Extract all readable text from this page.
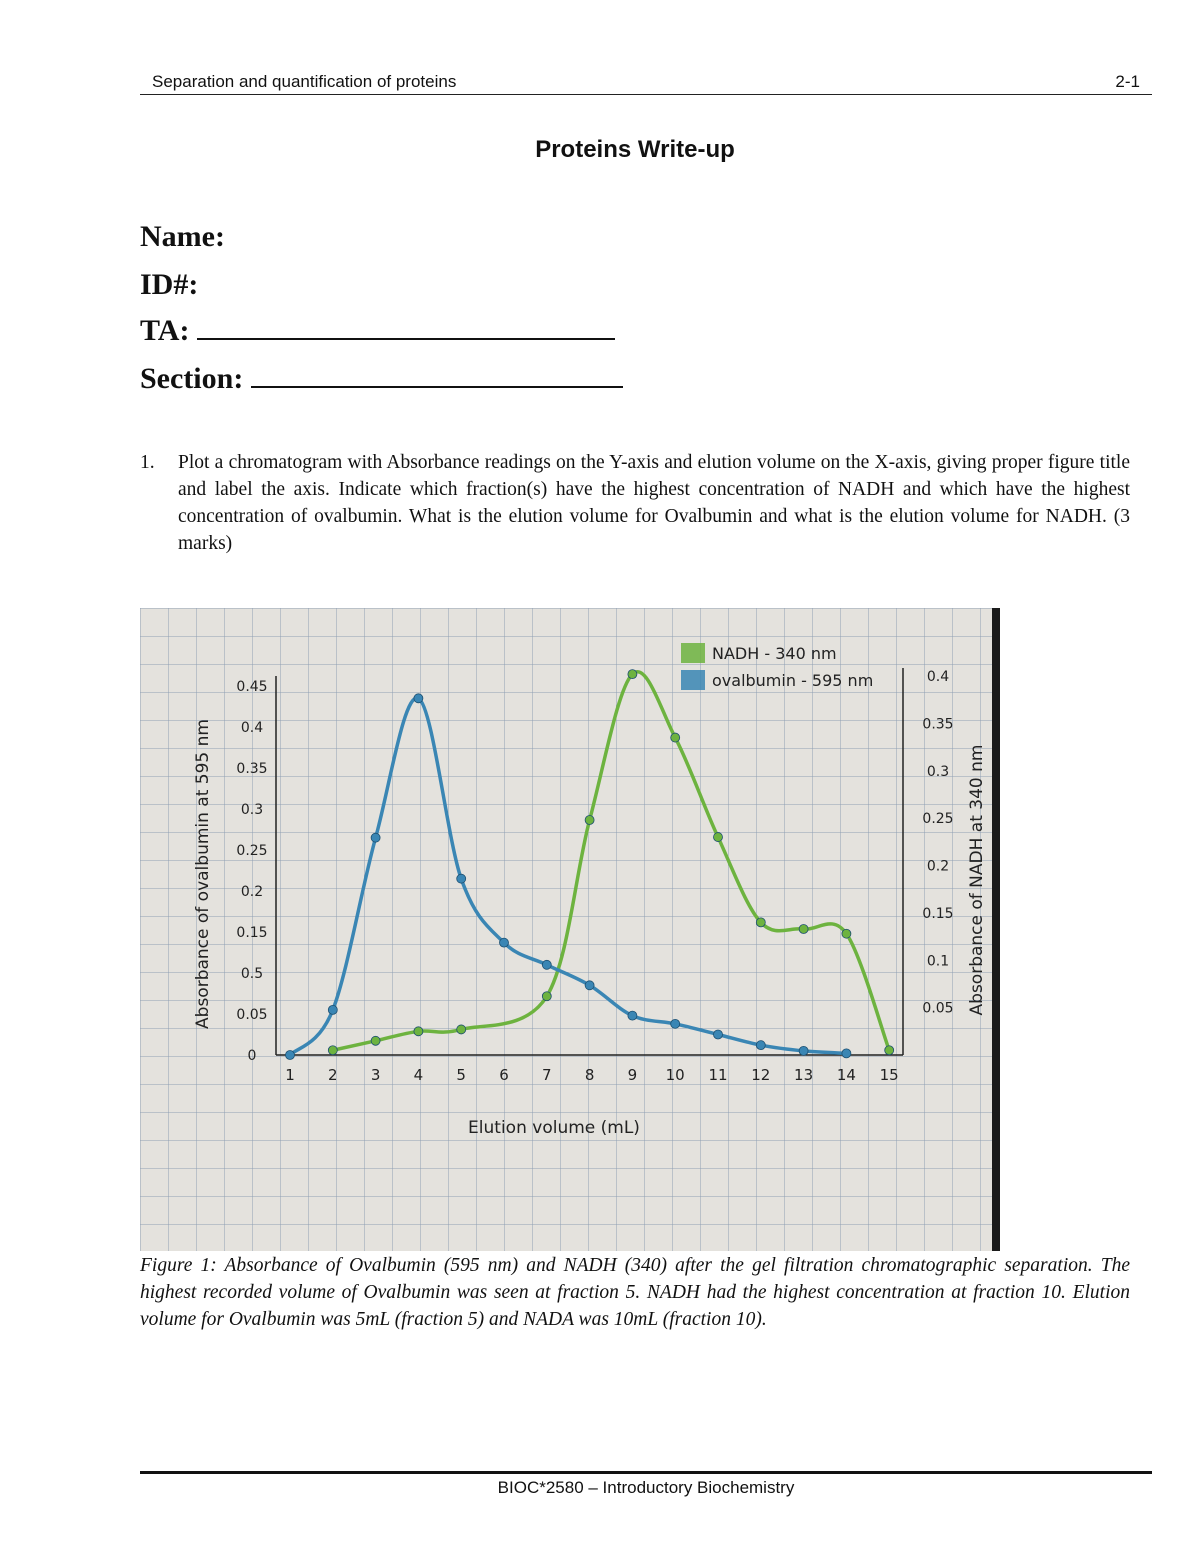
Separation and quantification of proteins	2-1
Proteins Write-up
Name:
ID#:
TA:
Section:
1. Plot a chromatogram with Absorbance readings on the Y-axis and elution volume on the X-axis, giving proper figure title and label the axis. Indicate which fraction(s) have the highest concentration of NADH and which have the highest concentration of ovalbumin. What is the elution volume for Ovalbumin and what is the elution volume for NADH. (3 marks)
Absorbance of ovalbumin at 595 nm	Absorbance of NADH at 340 nm
Elution volume (mL)
1 2 3 4 5 6 7 8 9 10 11 12 13 14 15
0
0.05
0.5
0.15
0.2
0.25
0.3
0.35
0.4
0.45
0.05
0.1
0.15
0.2
0.25
0.3
0.35
0.4
NADH - 340 nm
ovalbumin - 595 nm
Figure 1: Absorbance of Ovalbumin (595 nm) and NADH (340) after the gel filtration chromatographic separation. The highest recorded volume of Ovalbumin was seen at fraction 5. NADH had the highest concentration at fraction 10. Elution volume for Ovalbumin was 5mL (fraction 5) and NADA was 10mL (fraction 10).
BIOC*2580 – Introductory Biochemistry
